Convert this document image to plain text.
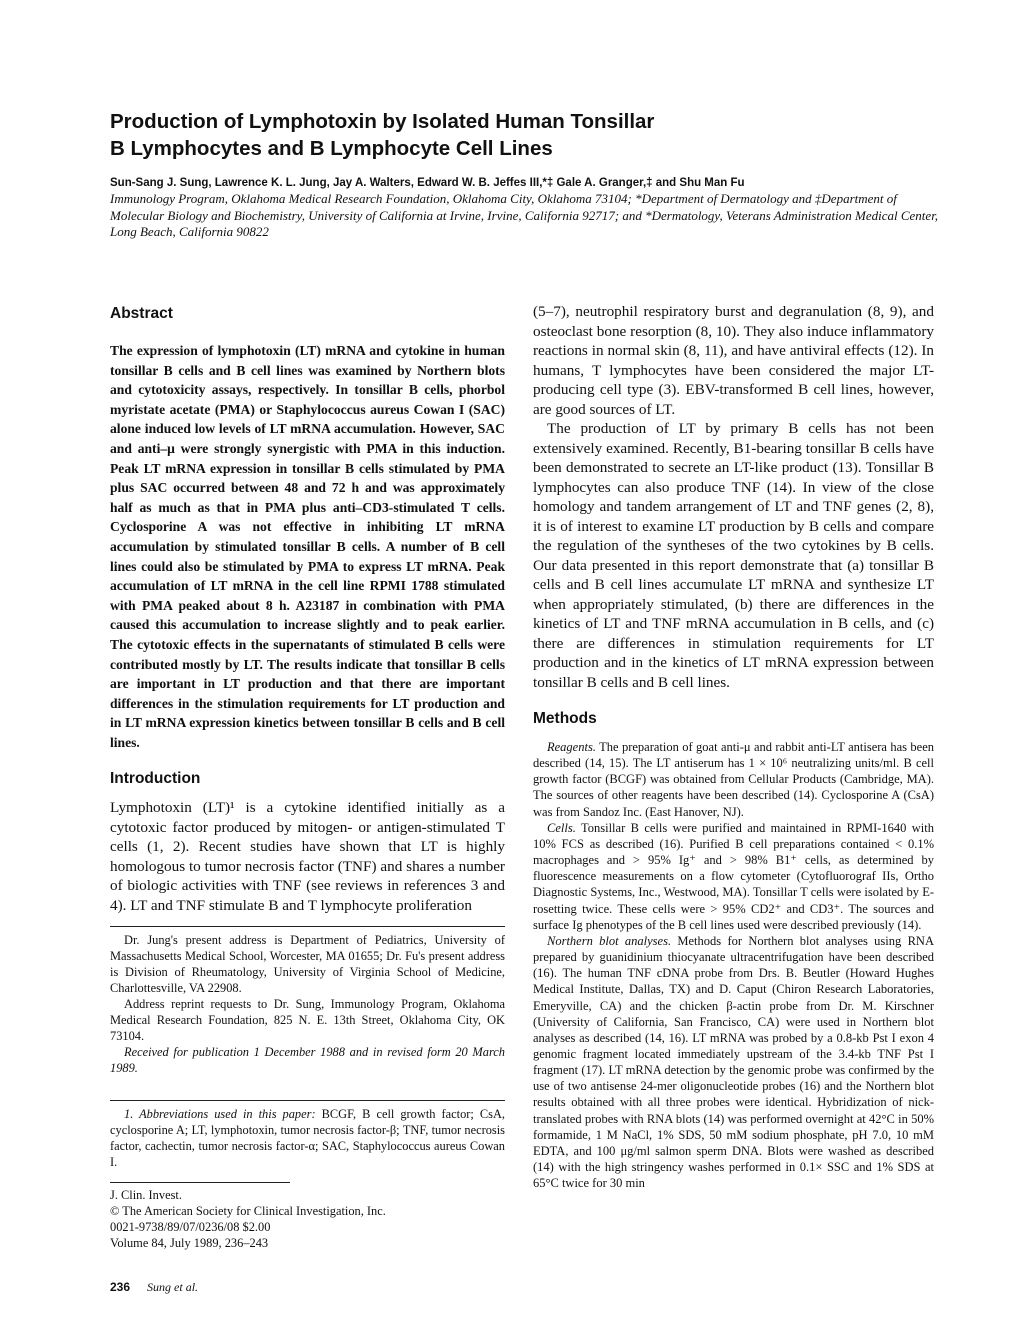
Production of Lymphotoxin by Isolated Human Tonsillar
B Lymphocytes and B Lymphocyte Cell Lines
Sun-Sang J. Sung, Lawrence K. L. Jung, Jay A. Walters, Edward W. B. Jeffes III,*‡ Gale A. Granger,‡ and Shu Man Fu
Immunology Program, Oklahoma Medical Research Foundation, Oklahoma City, Oklahoma 73104; *Department of Dermatology and ‡Department of Molecular Biology and Biochemistry, University of California at Irvine, Irvine, California 92717; and *Dermatology, Veterans Administration Medical Center, Long Beach, California 90822
Abstract
The expression of lymphotoxin (LT) mRNA and cytokine in human tonsillar B cells and B cell lines was examined by Northern blots and cytotoxicity assays, respectively. In tonsillar B cells, phorbol myristate acetate (PMA) or Staphylococcus aureus Cowan I (SAC) alone induced low levels of LT mRNA accumulation. However, SAC and anti–μ were strongly synergistic with PMA in this induction. Peak LT mRNA expression in tonsillar B cells stimulated by PMA plus SAC occurred between 48 and 72 h and was approximately half as much as that in PMA plus anti–CD3-stimulated T cells. Cyclosporine A was not effective in inhibiting LT mRNA accumulation by stimulated tonsillar B cells. A number of B cell lines could also be stimulated by PMA to express LT mRNA. Peak accumulation of LT mRNA in the cell line RPMI 1788 stimulated with PMA peaked about 8 h. A23187 in combination with PMA caused this accumulation to increase slightly and to peak earlier. The cytotoxic effects in the supernatants of stimulated B cells were contributed mostly by LT. The results indicate that tonsillar B cells are important in LT production and that there are important differences in the stimulation requirements for LT production and in LT mRNA expression kinetics between tonsillar B cells and B cell lines.
Introduction
Lymphotoxin (LT)¹ is a cytokine identified initially as a cytotoxic factor produced by mitogen- or antigen-stimulated T cells (1, 2). Recent studies have shown that LT is highly homologous to tumor necrosis factor (TNF) and shares a number of biologic activities with TNF (see reviews in references 3 and 4). LT and TNF stimulate B and T lymphocyte proliferation

Dr. Jung's present address is Department of Pediatrics, University of Massachusetts Medical School, Worcester, MA 01655; Dr. Fu's present address is Division of Rheumatology, University of Virginia School of Medicine, Charlottesville, VA 22908.

Address reprint requests to Dr. Sung, Immunology Program, Oklahoma Medical Research Foundation, 825 N. E. 13th Street, Oklahoma City, OK 73104.

Received for publication 1 December 1988 and in revised form 20 March 1989.

1. Abbreviations used in this paper: BCGF, B cell growth factor; CsA, cyclosporine A; LT, lymphotoxin, tumor necrosis factor-β; TNF, tumor necrosis factor, cachectin, tumor necrosis factor-α; SAC, Staphylococcus aureus Cowan I.

J. Clin. Invest.
© The American Society for Clinical Investigation, Inc.
0021-9738/89/07/0236/08 $2.00
Volume 84, July 1989, 236–243
236 Sung et al.

(5–7), neutrophil respiratory burst and degranulation (8, 9), and osteoclast bone resorption (8, 10). They also induce inflammatory reactions in normal skin (8, 11), and have antiviral effects (12). In humans, T lymphocytes have been considered the major LT-producing cell type (3). EBV-transformed B cell lines, however, are good sources of LT.

The production of LT by primary B cells has not been extensively examined. Recently, B1-bearing tonsillar B cells have been demonstrated to secrete an LT-like product (13). Tonsillar B lymphocytes can also produce TNF (14). In view of the close homology and tandem arrangement of LT and TNF genes (2, 8), it is of interest to examine LT production by B cells and compare the regulation of the syntheses of the two cytokines by B cells. Our data presented in this report demonstrate that (a) tonsillar B cells and B cell lines accumulate LT mRNA and synthesize LT when appropriately stimulated, (b) there are differences in the kinetics of LT and TNF mRNA accumulation in B cells, and (c) there are differences in stimulation requirements for LT production and in the kinetics of LT mRNA expression between tonsillar B cells and B cell lines.

Methods

Reagents. The preparation of goat anti-μ and rabbit anti-LT antisera has been described (14, 15). The LT antiserum has 1 × 10⁶ neutralizing units/ml. B cell growth factor (BCGF) was obtained from Cellular Products (Cambridge, MA). The sources of other reagents have been described (14). Cyclosporine A (CsA) was from Sandoz Inc. (East Hanover, NJ).

Cells. Tonsillar B cells were purified and maintained in RPMI-1640 with 10% FCS as described (16). Purified B cell preparations contained < 0.1% macrophages and > 95% Ig⁺ and > 98% B1⁺ cells, as determined by fluorescence measurements on a flow cytometer (Cytofluorograf IIs, Ortho Diagnostic Systems, Inc., Westwood, MA). Tonsillar T cells were isolated by E-rosetting twice. These cells were > 95% CD2⁺ and CD3⁺. The sources and surface Ig phenotypes of the B cell lines used were described previously (14).

Northern blot analyses. Methods for Northern blot analyses using RNA prepared by guanidinium thiocyanate ultracentrifugation have been described (16). The human TNF cDNA probe from Drs. B. Beutler (Howard Hughes Medical Institute, Dallas, TX) and D. Caput (Chiron Research Laboratories, Emeryville, CA) and the chicken β-actin probe from Dr. M. Kirschner (University of California, San Francisco, CA) were used in Northern blot analyses as described (14, 16). LT mRNA was probed by a 0.8-kb Pst I exon 4 genomic fragment located immediately upstream of the 3.4-kb TNF Pst I fragment (17). LT mRNA detection by the genomic probe was confirmed by the use of two antisense 24-mer oligonucleotide probes (16) and the Northern blot results obtained with all three probes were identical. Hybridization of nick-translated probes with RNA blots (14) was performed overnight at 42°C in 50% formamide, 1 M NaCl, 1% SDS, 50 mM sodium phosphate, pH 7.0, 10 mM EDTA, and 100 μg/ml salmon sperm DNA. Blots were washed as described (14) with the high stringency washes performed in 0.1× SSC and 1% SDS at 65°C twice for 30 min
